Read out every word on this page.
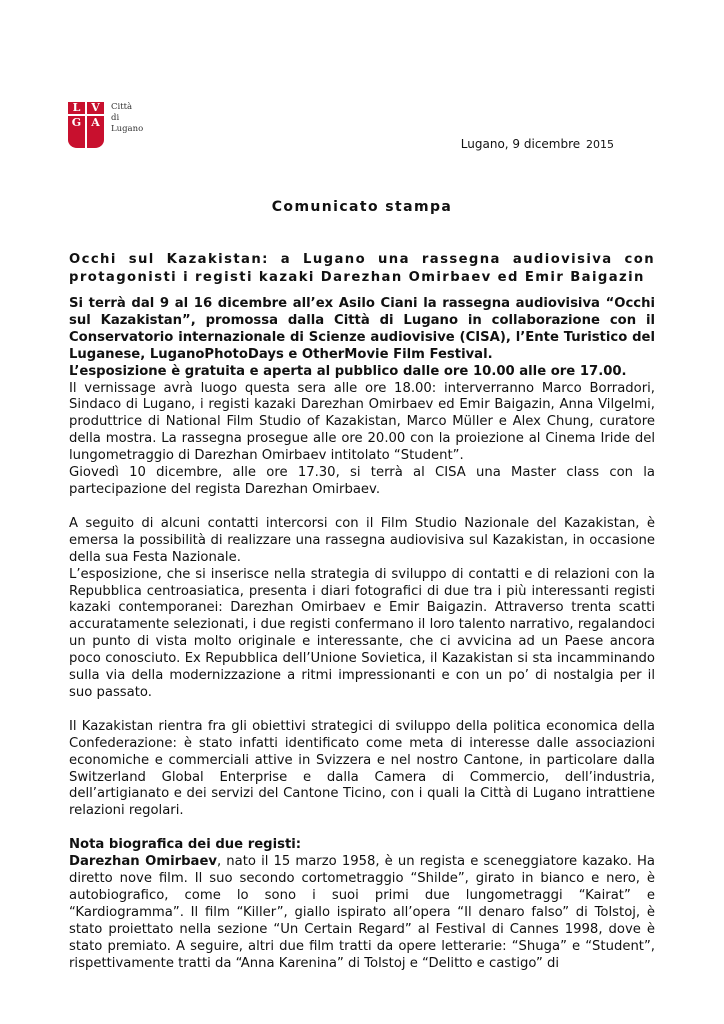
L V
G A
Città
di
Lugano
Lugano, 9 dicembre 2015
Comunicato stampa
Occhi sul Kazakistan: a Lugano una rassegna audiovisiva con
protagonisti i registi kazaki Darezhan Omirbaev ed Emir Baigazin

Si terrà dal 9 al 16 dicembre all’ex Asilo Ciani la rassegna audiovisiva “Occhi sul Kazakistan”, promossa dalla Città di Lugano in collaborazione con il Conservatorio internazionale di Scienze audiovisive (CISA), l’Ente Turistico del Luganese, LuganoPhotoDays e OtherMovie Film Festival.

L’esposizione è gratuita e aperta al pubblico dalle ore 10.00 alle ore 17.00.

Il vernissage avrà luogo questa sera alle ore 18.00: interverranno Marco Borradori, Sindaco di Lugano, i registi kazaki Darezhan Omirbaev ed Emir Baigazin, Anna Vilgelmi, produttrice di National Film Studio of Kazakistan, Marco Müller e Alex Chung, curatore della mostra. La rassegna prosegue alle ore 20.00 con la proiezione al Cinema Iride del lungometraggio di Darezhan Omirbaev intitolato “Student”.

Giovedì 10 dicembre, alle ore 17.30, si terrà al CISA una Master class con la partecipazione del regista Darezhan Omirbaev.

A seguito di alcuni contatti intercorsi con il Film Studio Nazionale del Kazakistan, è emersa la possibilità di realizzare una rassegna audiovisiva sul Kazakistan, in occasione della sua Festa Nazionale.

L’esposizione, che si inserisce nella strategia di sviluppo di contatti e di relazioni con la Repubblica centroasiatica, presenta i diari fotografici di due tra i più interessanti registi kazaki contemporanei: Darezhan Omirbaev e Emir Baigazin. Attraverso trenta scatti accuratamente selezionati, i due registi confermano il loro talento narrativo, regalandoci un punto di vista molto originale e interessante, che ci avvicina ad un Paese ancora poco conosciuto. Ex Repubblica dell’Unione Sovietica, il Kazakistan si sta incamminando sulla via della modernizzazione a ritmi impressionanti e con un po’ di nostalgia per il suo passato.

Il Kazakistan rientra fra gli obiettivi strategici di sviluppo della politica economica della Confederazione: è stato infatti identificato come meta di interesse dalle associazioni economiche e commerciali attive in Svizzera e nel nostro Cantone, in particolare dalla Switzerland Global Enterprise e dalla Camera di Commercio, dell’industria, dell’artigianato e dei servizi del Cantone Ticino, con i quali la Città di Lugano intrattiene relazioni regolari.

Nota biografica dei due registi:

Darezhan Omirbaev, nato il 15 marzo 1958, è un regista e sceneggiatore kazako. Ha diretto nove film. Il suo secondo cortometraggio “Shilde”, girato in bianco e nero, è autobiografico, come lo sono i suoi primi due lungometraggi “Kairat” e “Kardiogramma”. Il film “Killer”, giallo ispirato all’opera “Il denaro falso” di Tolstoj, è stato proiettato nella sezione “Un Certain Regard” al Festival di Cannes 1998, dove è stato premiato. A seguire, altri due film tratti da opere letterarie: “Shuga” e “Student”, rispettivamente tratti da “Anna Karenina” di Tolstoj e “Delitto e castigo” di
